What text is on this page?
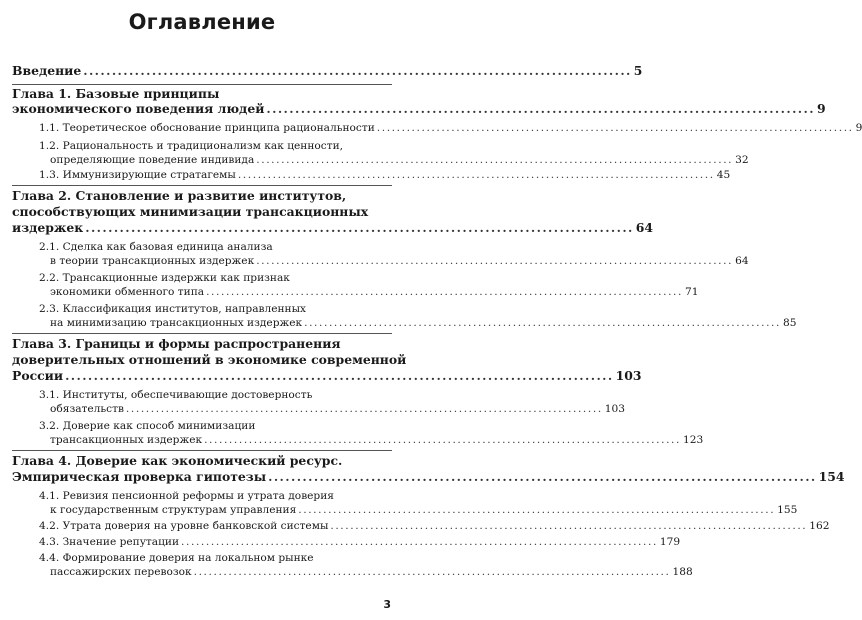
Оглавление
Введение ................................................................................................ 5
Глава 1. Базовые принципы
экономического поведения людей ................................................................................................ 9
1.1. Теоретическое обоснование принципа рациональности ................................................................................................ 9
1.2. Рациональность и традиционализм как ценности,
определяющие поведение индивида ................................................................................................ 32
1.3. Иммунизирующие стратагемы ................................................................................................ 45
Глава 2. Становление и развитие институтов,
способствующих минимизации трансакционных
издержек ................................................................................................ 64
2.1. Сделка как базовая единица анализа
в теории трансакционных издержек ................................................................................................ 64
2.2. Трансакционные издержки как признак
экономики обменного типа ................................................................................................ 71
2.3. Классификация институтов, направленных
на минимизацию трансакционных издержек ................................................................................................ 85
Глава 3. Границы и формы распространения
доверительных отношений в экономике современной
России ................................................................................................ 103
3.1. Институты, обеспечивающие достоверность
обязательств ................................................................................................ 103
3.2. Доверие как способ минимизации
трансакционных издержек ................................................................................................ 123
Глава 4. Доверие как экономический ресурс.
Эмпирическая проверка гипотезы ................................................................................................ 154
4.1. Ревизия пенсионной реформы и утрата доверия
к государственным структурам управления ................................................................................................ 155
4.2. Утрата доверия на уровне банковской системы ................................................................................................ 162
4.3. Значение репутации ................................................................................................ 179
4.4. Формирование доверия на локальном рынке
пассажирских перевозок ................................................................................................ 188
3
